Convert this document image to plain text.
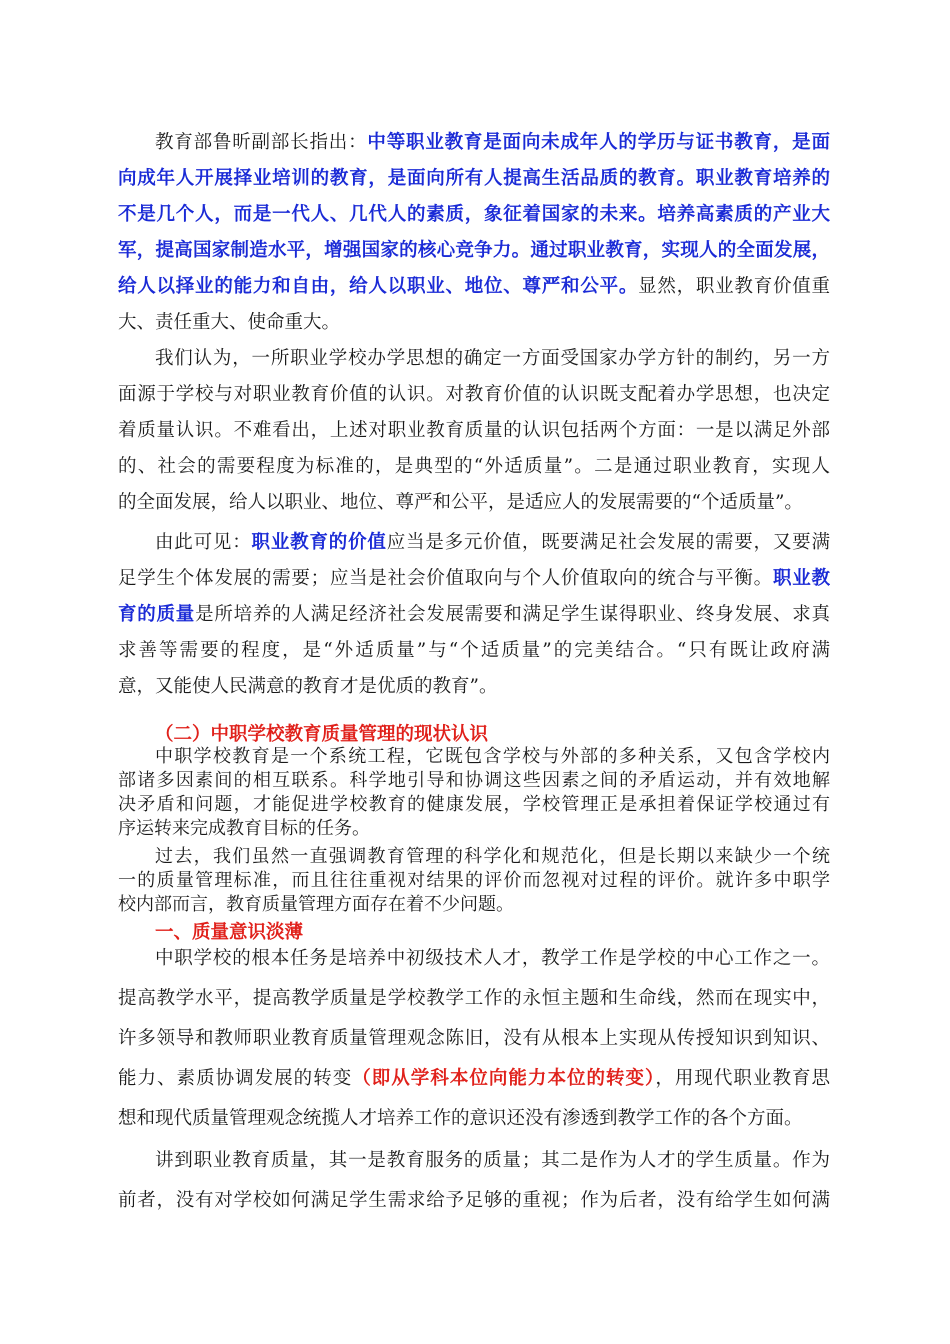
教育部鲁昕副部长指出：中等职业教育是面向未成年人的学历与证书教育，是面
向成年人开展择业培训的教育，是面向所有人提高生活品质的教育。职业教育培养的
不是几个人，而是一代人、几代人的素质，象征着国家的未来。培养高素质的产业大
军，提高国家制造水平，增强国家的核心竞争力。通过职业教育，实现人的全面发展，
给人以择业的能力和自由，给人以职业、地位、尊严和公平。显然，职业教育价值重
大、责任重大、使命重大。
我们认为，一所职业学校办学思想的确定一方面受国家办学方针的制约，另一方
面源于学校与对职业教育价值的认识。对教育价值的认识既支配着办学思想，也决定
着质量认识。不难看出，上述对职业教育质量的认识包括两个方面：一是以满足外部
的、社会的需要程度为标准的，是典型的“外适质量”。二是通过职业教育，实现人
的全面发展，给人以职业、地位、尊严和公平，是适应人的发展需要的“个适质量”。
由此可见：职业教育的价值应当是多元价值，既要满足社会发展的需要，又要满
足学生个体发展的需要；应当是社会价值取向与个人价值取向的统合与平衡。职业教
育的质量是所培养的人满足经济社会发展需要和满足学生谋得职业、终身发展、求真
求善等需要的程度，是“外适质量”与“个适质量”的完美结合。“只有既让政府满
意，又能使人民满意的教育才是优质的教育”。
（二）中职学校教育质量管理的现状认识
中职学校教育是一个系统工程，它既包含学校与外部的多种关系，又包含学校内
部诸多因素间的相互联系。科学地引导和协调这些因素之间的矛盾运动，并有效地解
决矛盾和问题，才能促进学校教育的健康发展，学校管理正是承担着保证学校通过有
序运转来完成教育目标的任务。
过去，我们虽然一直强调教育管理的科学化和规范化，但是长期以来缺少一个统
一的质量管理标准，而且往往重视对结果的评价而忽视对过程的评价。就许多中职学
校内部而言，教育质量管理方面存在着不少问题。
一、质量意识淡薄
中职学校的根本任务是培养中初级技术人才，教学工作是学校的中心工作之一。
提高教学水平，提高教学质量是学校教学工作的永恒主题和生命线，然而在现实中，
许多领导和教师职业教育质量管理观念陈旧，没有从根本上实现从传授知识到知识、
能力、素质协调发展的转变（即从学科本位向能力本位的转变），用现代职业教育思
想和现代质量管理观念统揽人才培养工作的意识还没有渗透到教学工作的各个方面。
讲到职业教育质量，其一是教育服务的质量；其二是作为人才的学生质量。作为
前者，没有对学校如何满足学生需求给予足够的重视；作为后者，没有给学生如何满
